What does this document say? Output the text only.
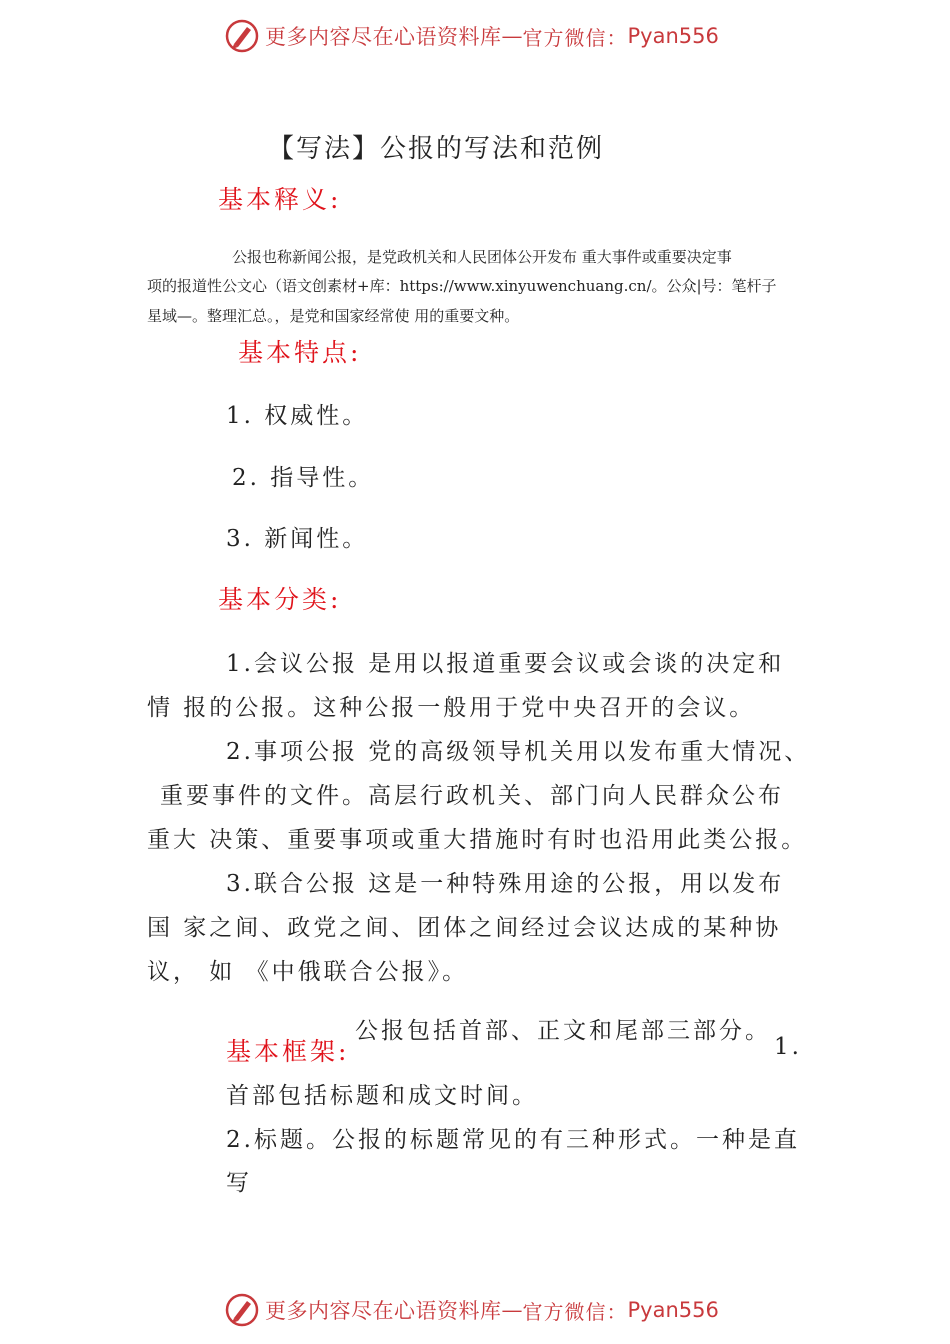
更多内容尽在心语资料库 — 官方微信： Pyan556
【写法】公报的写法和范例
基本释义:
公报也称新闻公报，是党政机关和人民团体公开发布 重大事件或重要决定事
项的报道性公文心（语文创素材+库：https://www.xinyuwenchuang.cn/。公众|号：笔杆子
星域—。整理汇总。，是党和国家经常使 用的重要文种。
基本特点:
1. 权威性。
2. 指导性。
3. 新闻性。
基本分类:
1.会议公报 是用以报道重要会议或会谈的决定和
情 报的公报。这种公报一般用于党中央召开的会议。
2.事项公报 党的高级领导机关用以发布重大情况、
重要事件的文件。高层行政机关、部门向人民群众公布
重大 决策、重要事项或重大措施时有时也沿用此类公报。
3.联合公报 这是一种特殊用途的公报，用以发布
国 家之间、政党之间、团体之间经过会议达成的某种协
议， 如 《中俄联合公报》。
公报包括首部、正文和尾部三部分。
基本框架:	1.
首部包括标题和成文时间。
2.标题。公报的标题常见的有三种形式。一种是直
写
更多内容尽在心语资料库 — 官方微信： Pyan556
